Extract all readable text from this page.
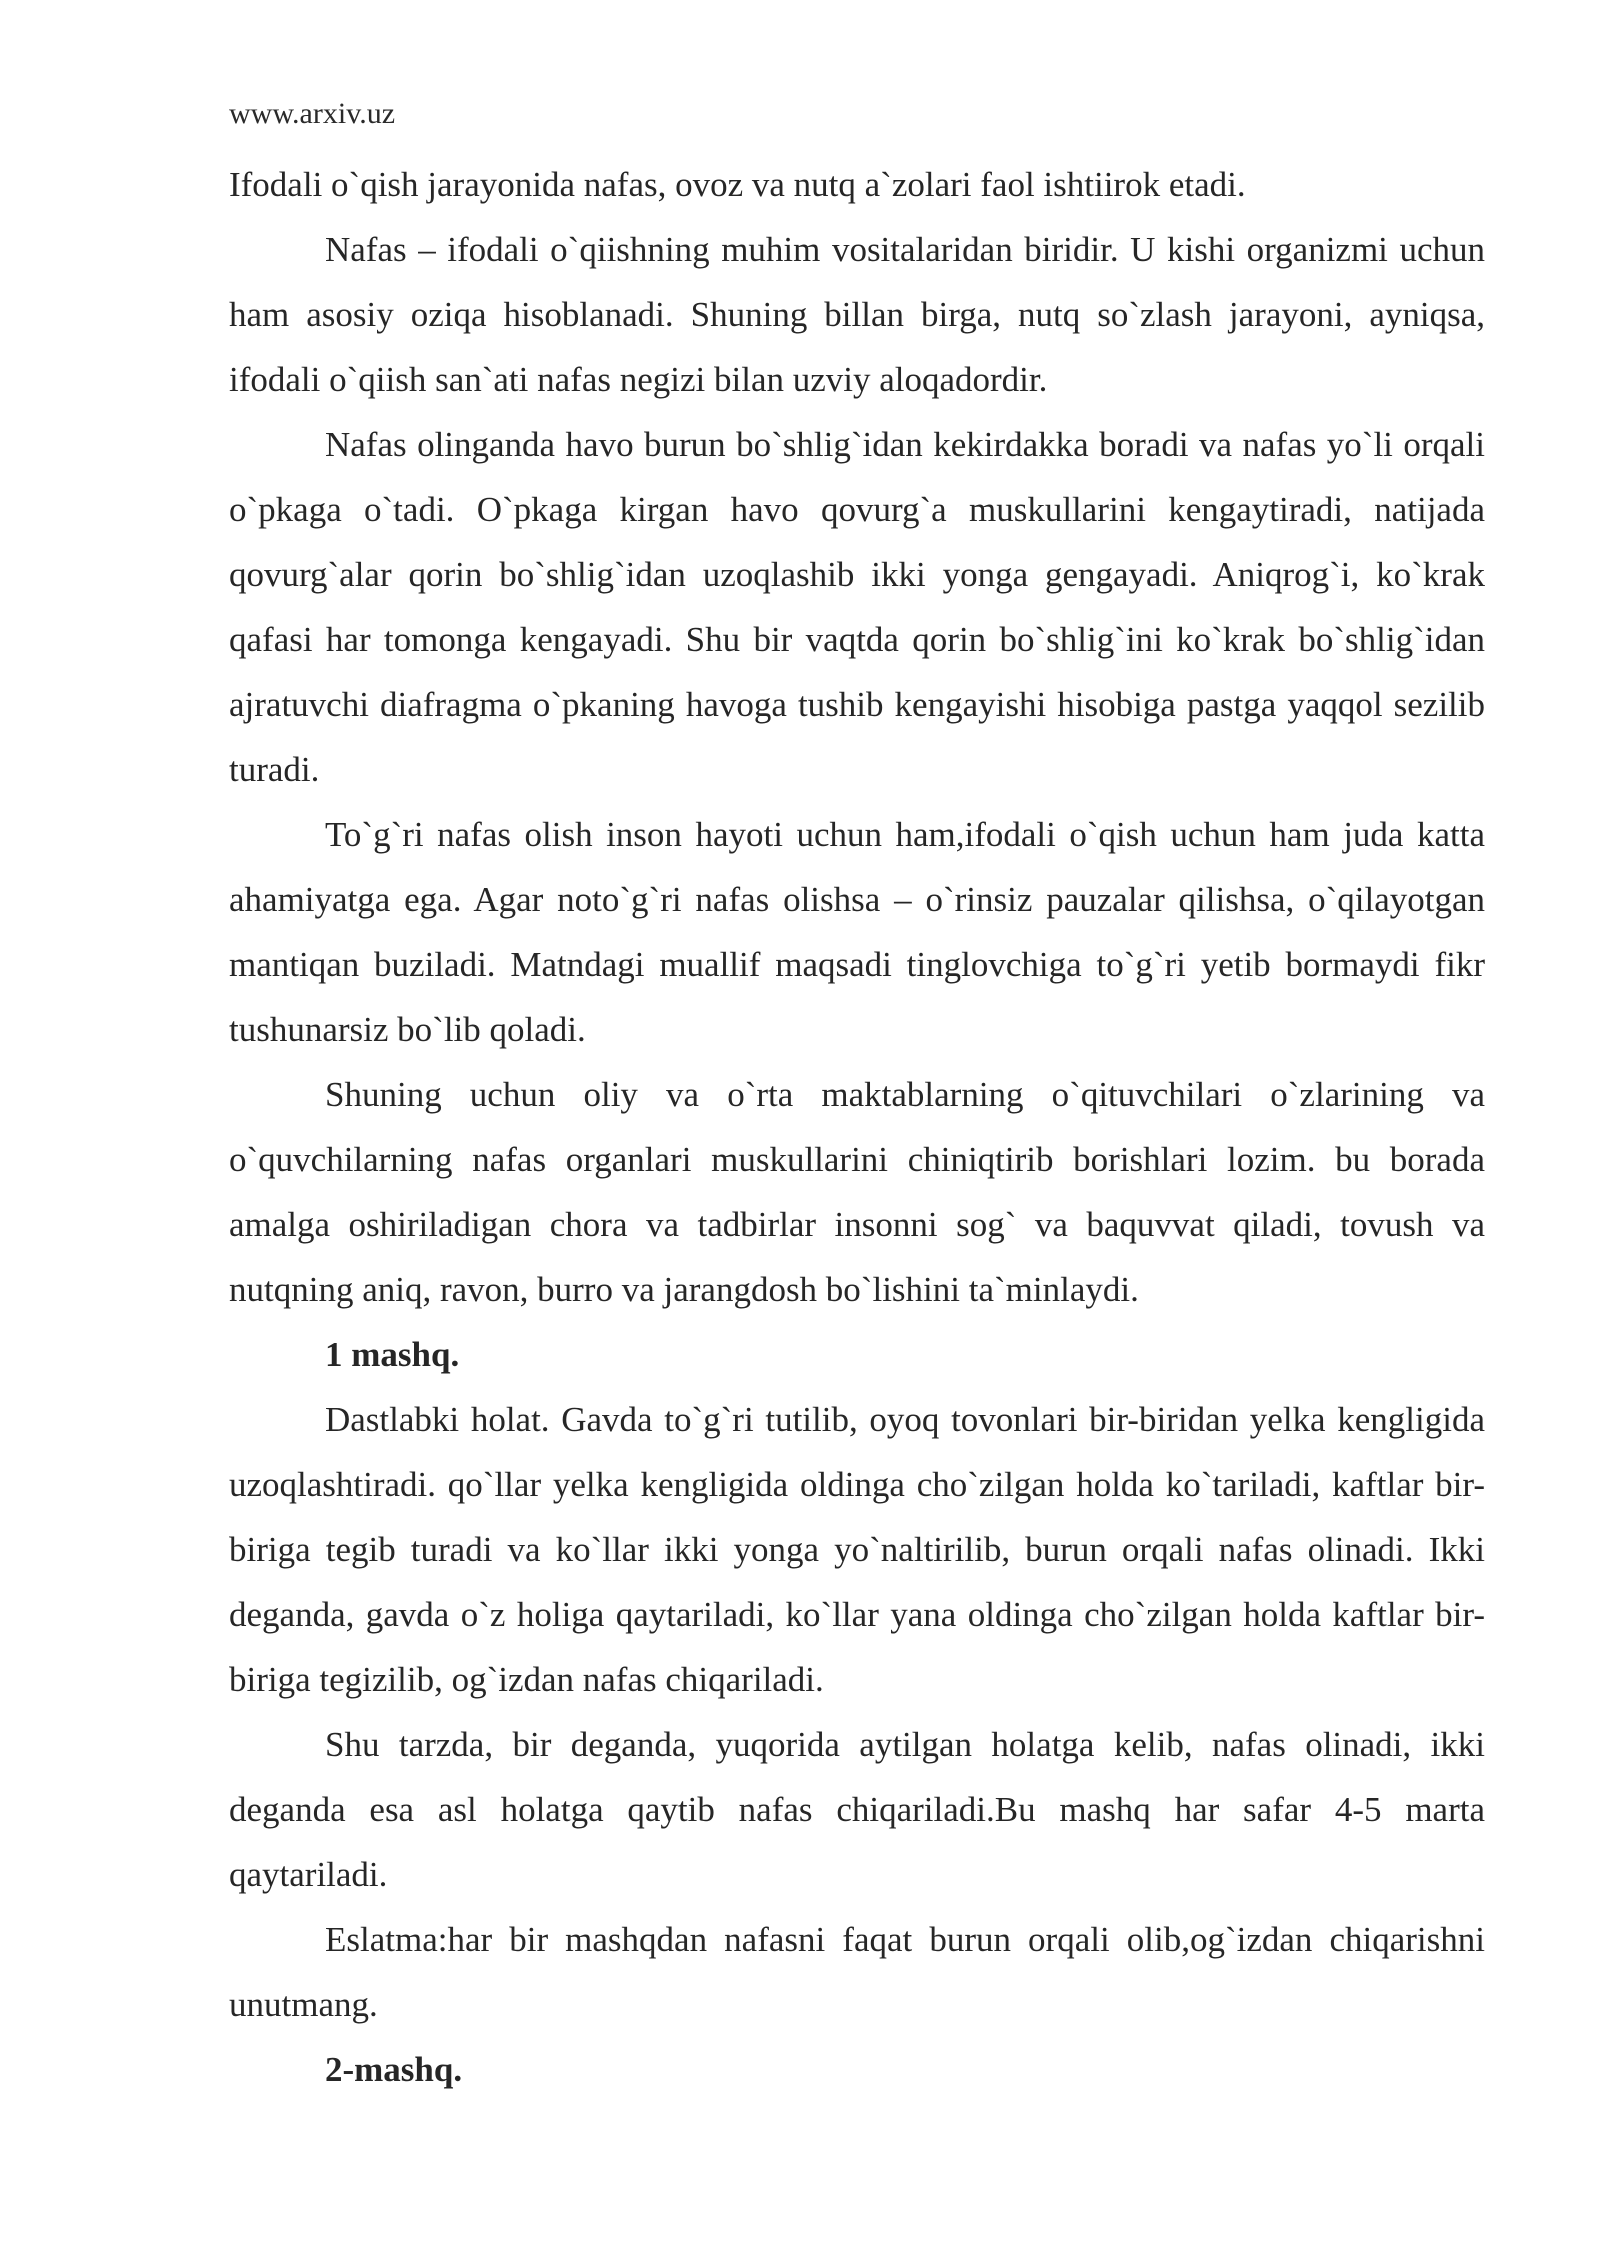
www.arxiv.uz

Ifodali o`qish jarayonida nafas, ovoz va nutq a`zolari faol ishtiirok etadi.

Nafas – ifodali o`qiishning muhim vositalaridan biridir. U kishi organizmi uchun ham asosiy oziqa hisoblanadi. Shuning billan birga, nutq so`zlash jarayoni, ayniqsa, ifodali o`qiish san`ati nafas negizi bilan uzviy aloqadordir.

Nafas olinganda havo burun bo`shlig`idan kekirdakka boradi va nafas yo`li orqali o`pkaga o`tadi. O`pkaga kirgan havo qovurg`a muskullarini kengaytiradi, natijada qovurg`alar qorin bo`shlig`idan uzoqlashib ikki yonga gengayadi. Aniqrog`i, ko`krak qafasi har tomonga kengayadi. Shu bir vaqtda qorin bo`shlig`ini ko`krak bo`shlig`idan ajratuvchi diafragma o`pkaning havoga tushib kengayishi hisobiga pastga yaqqol sezilib turadi.

To`g`ri nafas olish inson hayoti uchun ham,ifodali o`qish uchun ham juda katta ahamiyatga ega. Agar noto`g`ri nafas olishsa – o`rinsiz pauzalar qilishsa, o`qilayotgan mantiqan buziladi. Matndagi muallif maqsadi tinglovchiga to`g`ri yetib bormaydi fikr tushunarsiz bo`lib qoladi.

Shuning uchun oliy va o`rta maktablarning o`qituvchilari o`zlarining va o`quvchilarning nafas organlari muskullarini chiniqtirib borishlari lozim. bu borada amalga oshiriladigan chora va tadbirlar insonni sog` va baquvvat qiladi, tovush va nutqning aniq, ravon, burro va jarangdosh bo`lishini ta`minlaydi.

1 mashq.

Dastlabki holat. Gavda to`g`ri tutilib, oyoq tovonlari bir-biridan yelka kengligida uzoqlashtiradi. qo`llar yelka kengligida oldinga cho`zilgan holda ko`tariladi, kaftlar bir-biriga tegib turadi va ko`llar ikki yonga yo`naltirilib, burun orqali nafas olinadi. Ikki deganda, gavda o`z holiga qaytariladi, ko`llar yana oldinga cho`zilgan holda kaftlar bir-biriga tegizilib, og`izdan nafas chiqariladi.

Shu tarzda, bir deganda, yuqorida aytilgan holatga kelib, nafas olinadi, ikki deganda esa asl holatga qaytib nafas chiqariladi.Bu mashq har safar 4-5 marta qaytariladi.

Eslatma:har bir mashqdan nafasni faqat burun orqali olib,og`izdan chiqarishni unutmang.

2-mashq.
